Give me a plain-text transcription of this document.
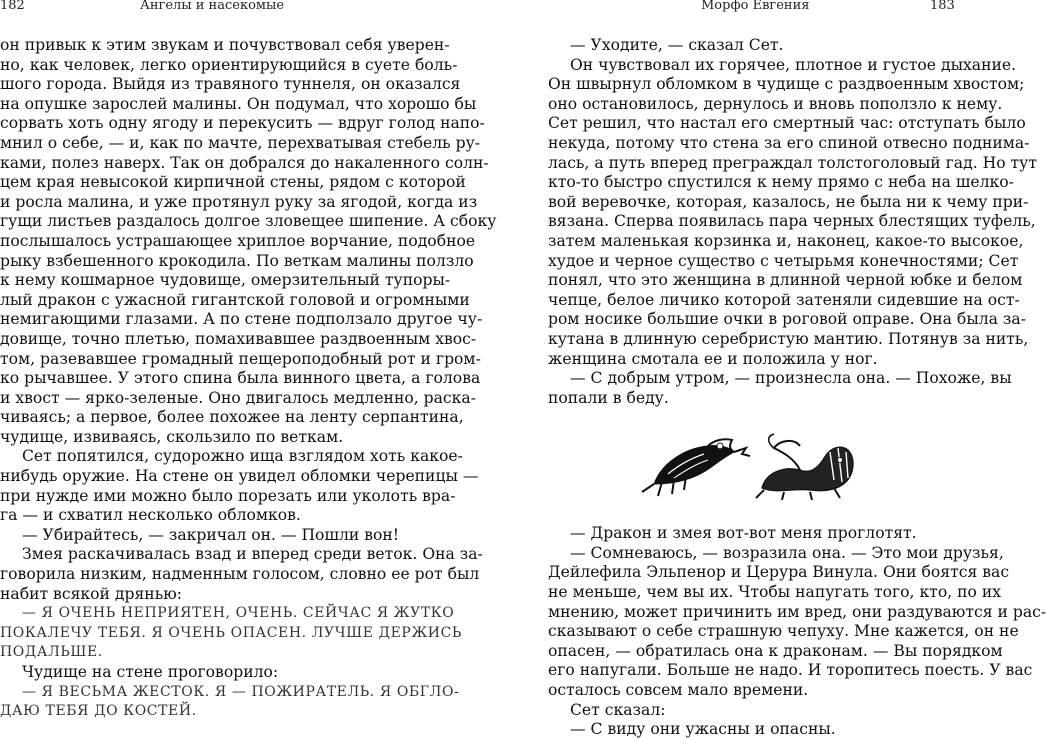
182	Ангелы и насекомые	Морфо Евгения	183
он привык к этим звукам и почувствовал себя уверен-
но, как человек, легко ориентирующийся в суете боль-
шого города. Выйдя из травяного туннеля, он оказался
на опушке зарослей малины. Он подумал, что хорошо бы
сорвать хоть одну ягоду и перекусить — вдруг голод напо-
мнил о себе, — и, как по мачте, перехватывая стебель ру-
ками, полез наверх. Так он добрался до накаленного солн-
цем края невысокой кирпичной стены, рядом с которой
и росла малина, и уже протянул руку за ягодой, когда из
гущи листьев раздалось долгое зловещее шипение. А сбоку
послышалось устрашающее хриплое ворчание, подобное
рыку взбешенного крокодила. По веткам малины ползло
к нему кошмарное чудовище, омерзительный тупоры-
лый дракон с ужасной гигантской головой и огромными
немигающими глазами. А по стене подползало другое чу-
довище, точно плетью, помахивавшее раздвоенным хвос-
том, разевавшее громадный пещероподобный рот и гром-
ко рычавшее. У этого спина была винного цвета, а голова
и хвост — ярко-зеленые. Оно двигалось медленно, раска-
чиваясь; а первое, более похожее на ленту серпантина,
чудище, извиваясь, скользило по веткам.
Сет попятился, судорожно ища взглядом хоть какое-
нибудь оружие. На стене он увидел обломки черепицы —
при нужде ими можно было порезать или уколоть вра-
га — и схватил несколько обломков.
— Убирайтесь, — закричал он. — Пошли вон!
Змея раскачивалась взад и вперед среди веток. Она за-
говорила низким, надменным голосом, словно ее рот был
набит всякой дрянью:
— Я ОЧЕНЬ НЕПРИЯТЕН, ОЧЕНЬ. СЕЙЧАС Я ЖУТКО
ПОКАЛЕЧУ ТЕБЯ. Я ОЧЕНЬ ОПАСЕН. ЛУЧШЕ ДЕРЖИСЬ
ПОДАЛЬШЕ.
Чудище на стене проговорило:
— Я ВЕСЬМА ЖЕСТОК. Я — ПОЖИРАТЕЛЬ. Я ОБГЛО-
ДАЮ ТЕБЯ ДО КОСТЕЙ.
— Уходите, — сказал Сет.
Он чувствовал их горячее, плотное и густое дыхание.
Он швырнул обломком в чудище с раздвоенным хвостом;
оно остановилось, дернулось и вновь поползло к нему.
Сет решил, что настал его смертный час: отступать было
некуда, потому что стена за его спиной отвесно поднима-
лась, а путь вперед преграждал толстоголовый гад. Но тут
кто-то быстро спустился к нему прямо с неба на шелко-
вой веревочке, которая, казалось, не была ни к чему при-
вязана. Сперва появилась пара черных блестящих туфель,
затем маленькая корзинка и, наконец, какое-то высокое,
худое и черное существо с четырьмя конечностями; Сет
понял, что это женщина в длинной черной юбке и белом
чепце, белое личико которой затеняли сидевшие на ост-
ром носике большие очки в роговой оправе. Она была за-
кутана в длинную серебристую мантию. Потянув за нить,
женщина смотала ее и положила у ног.
— С добрым утром, — произнесла она. — Похоже, вы
попали в беду.
— Дракон и змея вот-вот меня проглотят.
— Сомневаюсь, — возразила она. — Это мои друзья,
Дейлефила Эльпенор и Церура Винула. Они боятся вас
не меньше, чем вы их. Чтобы напугать того, кто, по их
мнению, может причинить им вред, они раздуваются и рас-
сказывают о себе страшную чепуху. Мне кажется, он не
опасен, — обратилась она к драконам. — Вы порядком
его напугали. Больше не надо. И торопитесь поесть. У вас
осталось совсем мало времени.
Сет сказал:
— С виду они ужасны и опасны.
